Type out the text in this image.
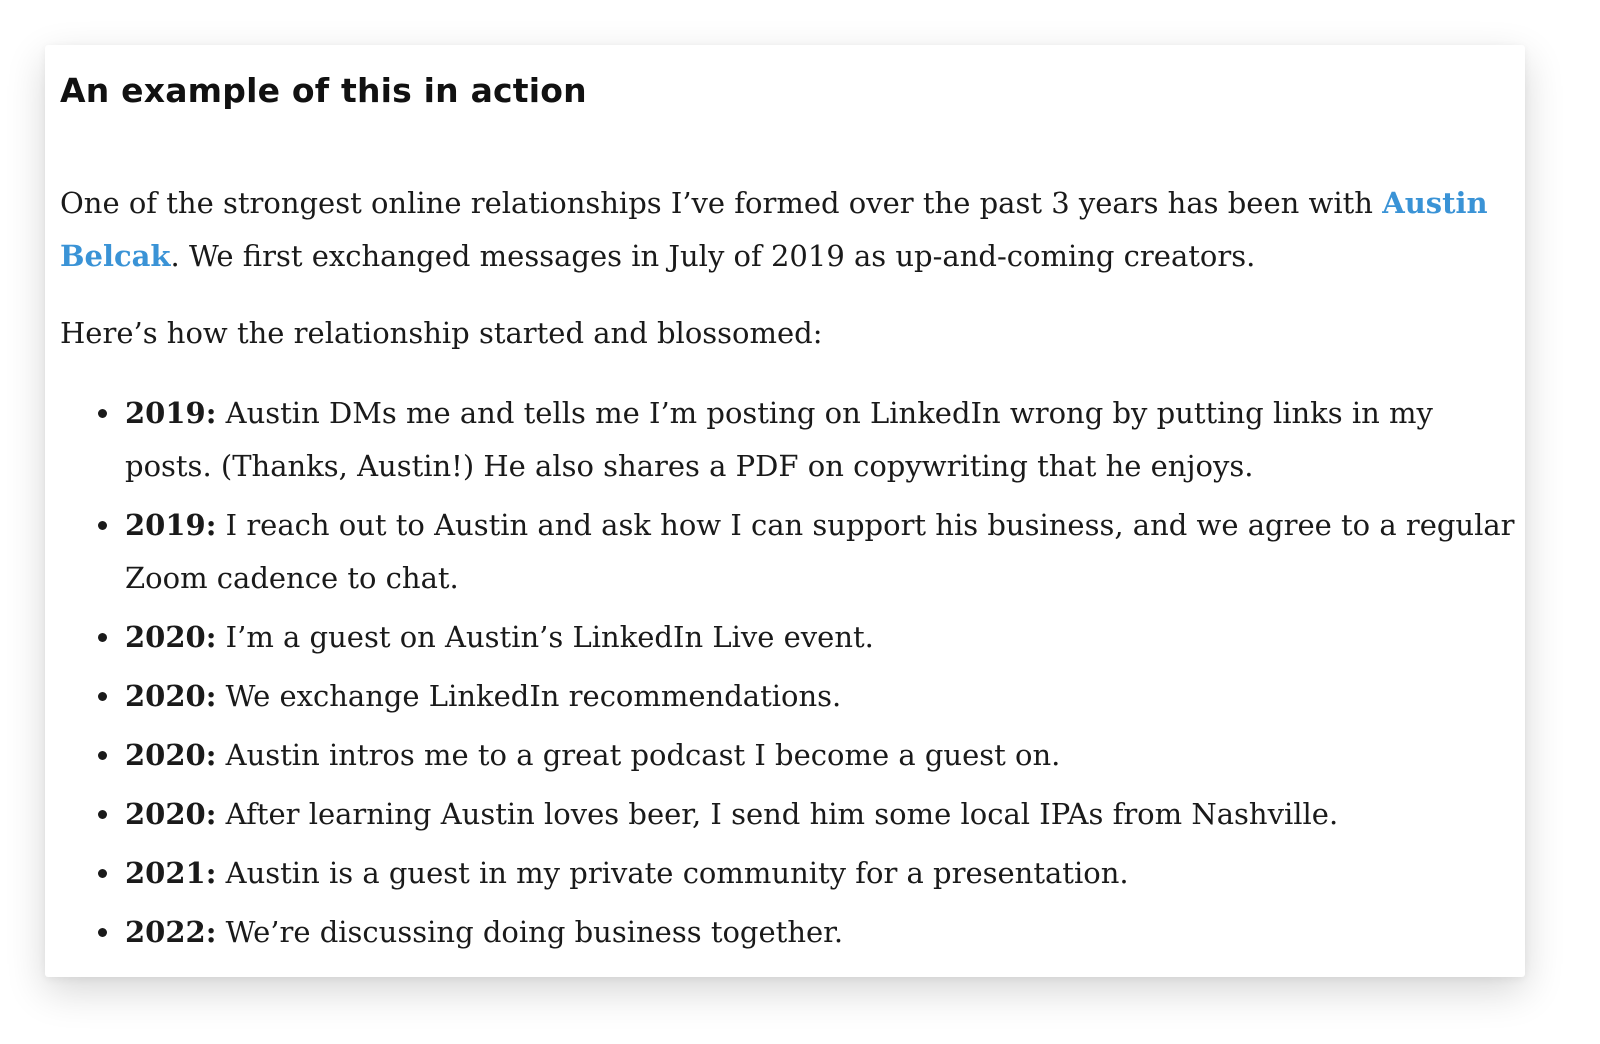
An example of this in action

One of the strongest online relationships I’ve formed over the past 3 years has been with Austin Belcak. We first exchanged messages in July of 2019 as up-and-coming creators.

Here’s how the relationship started and blossomed:

2019: Austin DMs me and tells me I’m posting on LinkedIn wrong by putting links in my posts. (Thanks, Austin!) He also shares a PDF on copywriting that he enjoys.
2019: I reach out to Austin and ask how I can support his business, and we agree to a regular Zoom cadence to chat.
2020: I’m a guest on Austin’s LinkedIn Live event.
2020: We exchange LinkedIn recommendations.
2020: Austin intros me to a great podcast I become a guest on.
2020: After learning Austin loves beer, I send him some local IPAs from Nashville.
2021: Austin is a guest in my private community for a presentation.
2022: We’re discussing doing business together.
